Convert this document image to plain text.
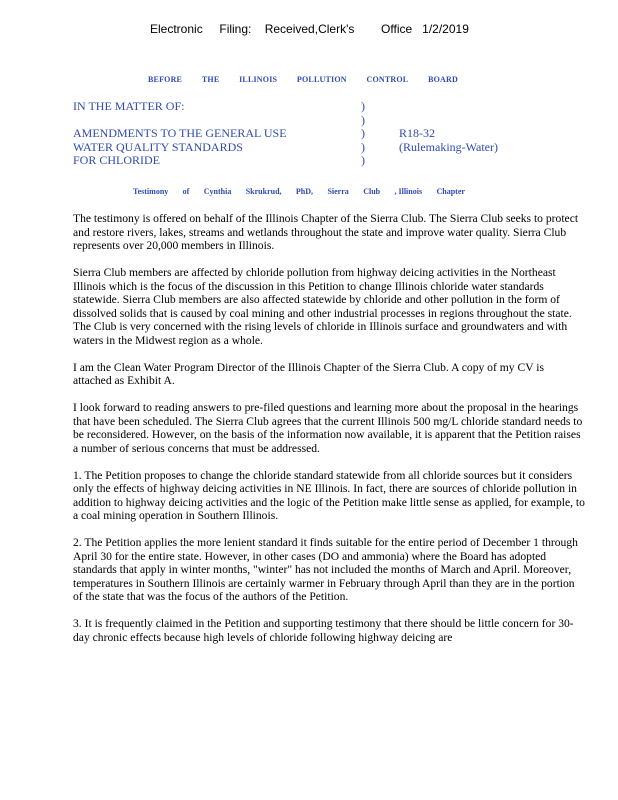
Electronic     Filing:    Received,Clerk's        Office   1/2/2019
BEFORE THE ILLINOIS POLLUTION CONTROL BOARD
IN THE MATTER OF:	)
)
AMENDMENTS TO THE GENERAL USE	)	R18-32
WATER QUALITY STANDARDS	)	(Rulemaking-Water)
FOR CHLORIDE	)
Testimony of Cynthia Skrukrud, PhD, Sierra Club , Illinois Chapter

The testimony is offered on behalf of the Illinois Chapter of the Sierra Club. The Sierra Club seeks to protect and restore rivers, lakes, streams and wetlands throughout the state and improve water quality. Sierra Club represents over 20,000 members in Illinois.

Sierra Club members are affected by chloride pollution from highway deicing activities in the Northeast Illinois which is the focus of the discussion in this Petition to change Illinois chloride water standards statewide. Sierra Club members are also affected statewide by chloride and other pollution in the form of dissolved solids that is caused by coal mining and other industrial processes in regions throughout the state. The Club is very concerned with the rising levels of chloride in Illinois surface and groundwaters and with waters in the Midwest region as a whole.

I am the Clean Water Program Director of the Illinois Chapter of the Sierra Club. A copy of my CV is attached as Exhibit A.

I look forward to reading answers to pre-filed questions and learning more about the proposal in the hearings that have been scheduled. The Sierra Club agrees that the current Illinois 500 mg/L chloride standard needs to be reconsidered. However, on the basis of the information now available, it is apparent that the Petition raises a number of serious concerns that must be addressed.

1. The Petition proposes to change the chloride standard statewide from all chloride sources but it considers only the effects of highway deicing activities in NE Illinois. In fact, there are sources of chloride pollution in addition to highway deicing activities and the logic of the Petition make little sense as applied, for example, to a coal mining operation in Southern Illinois.

2. The Petition applies the more lenient standard it finds suitable for the entire period of December 1 through April 30 for the entire state. However, in other cases (DO and ammonia) where the Board has adopted standards that apply in winter months, "winter" has not included the months of March and April. Moreover, temperatures in Southern Illinois are certainly warmer in February through April than they are in the portion of the state that was the focus of the authors of the Petition.

3. It is frequently claimed in the Petition and supporting testimony that there should be little concern for 30-day chronic effects because high levels of chloride following highway deicing are
